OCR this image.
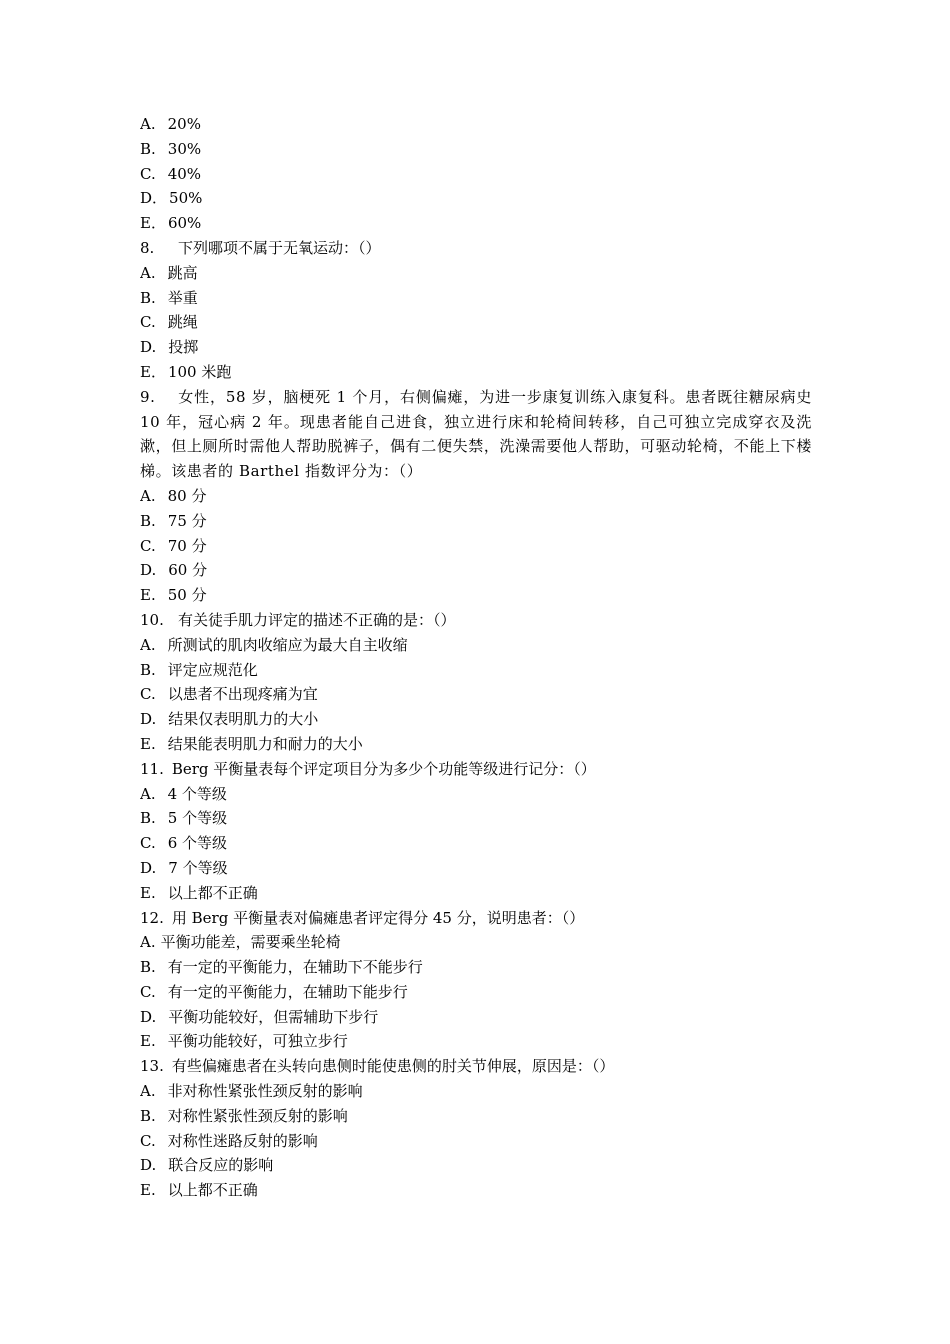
A. 20%
B. 30%
C. 40%
D． 50%
E． 60%
8. 下列哪项不属于无氧运动：（）
A. 跳高
B. 举重
C. 跳绳
D. 投掷
E． 100 米跑
9. 女性，58 岁，脑梗死 1 个月，右侧偏瘫，为进一步康复训练入康复科。患者既往糖尿病史 10 年，冠心病 2 年。现患者能自己进食，独立进行床和轮椅间转移，自己可独立完成穿衣及洗漱，但上厕所时需他人帮助脱裤子，偶有二便失禁，洗澡需要他人帮助，可驱动轮椅，不能上下楼梯。该患者的 Barthel 指数评分为：（）
A. 80 分
B. 75 分
C. 70 分
D. 60 分
E. 50 分
10. 有关徒手肌力评定的描述不正确的是：（）
A. 所测试的肌肉收缩应为最大自主收缩
B. 评定应规范化
C. 以患者不出现疼痛为宜
D. 结果仅表明肌力的大小
E. 结果能表明肌力和耐力的大小
11. Berg 平衡量表每个评定项目分为多少个功能等级进行记分：（）
A. 4 个等级
B. 5 个等级
C. 6 个等级
D. 7 个等级
E. 以上都不正确
12. 用 Berg 平衡量表对偏瘫患者评定得分 45 分，说明患者：（）
A. 平衡功能差，需要乘坐轮椅
B. 有一定的平衡能力，在辅助下不能步行
C. 有一定的平衡能力，在辅助下能步行
D. 平衡功能较好，但需辅助下步行
E. 平衡功能较好，可独立步行
13. 有些偏瘫患者在头转向患侧时能使患侧的肘关节伸展，原因是：（）
A. 非对称性紧张性颈反射的影响
B. 对称性紧张性颈反射的影响
C. 对称性迷路反射的影响
D. 联合反应的影响
E. 以上都不正确
